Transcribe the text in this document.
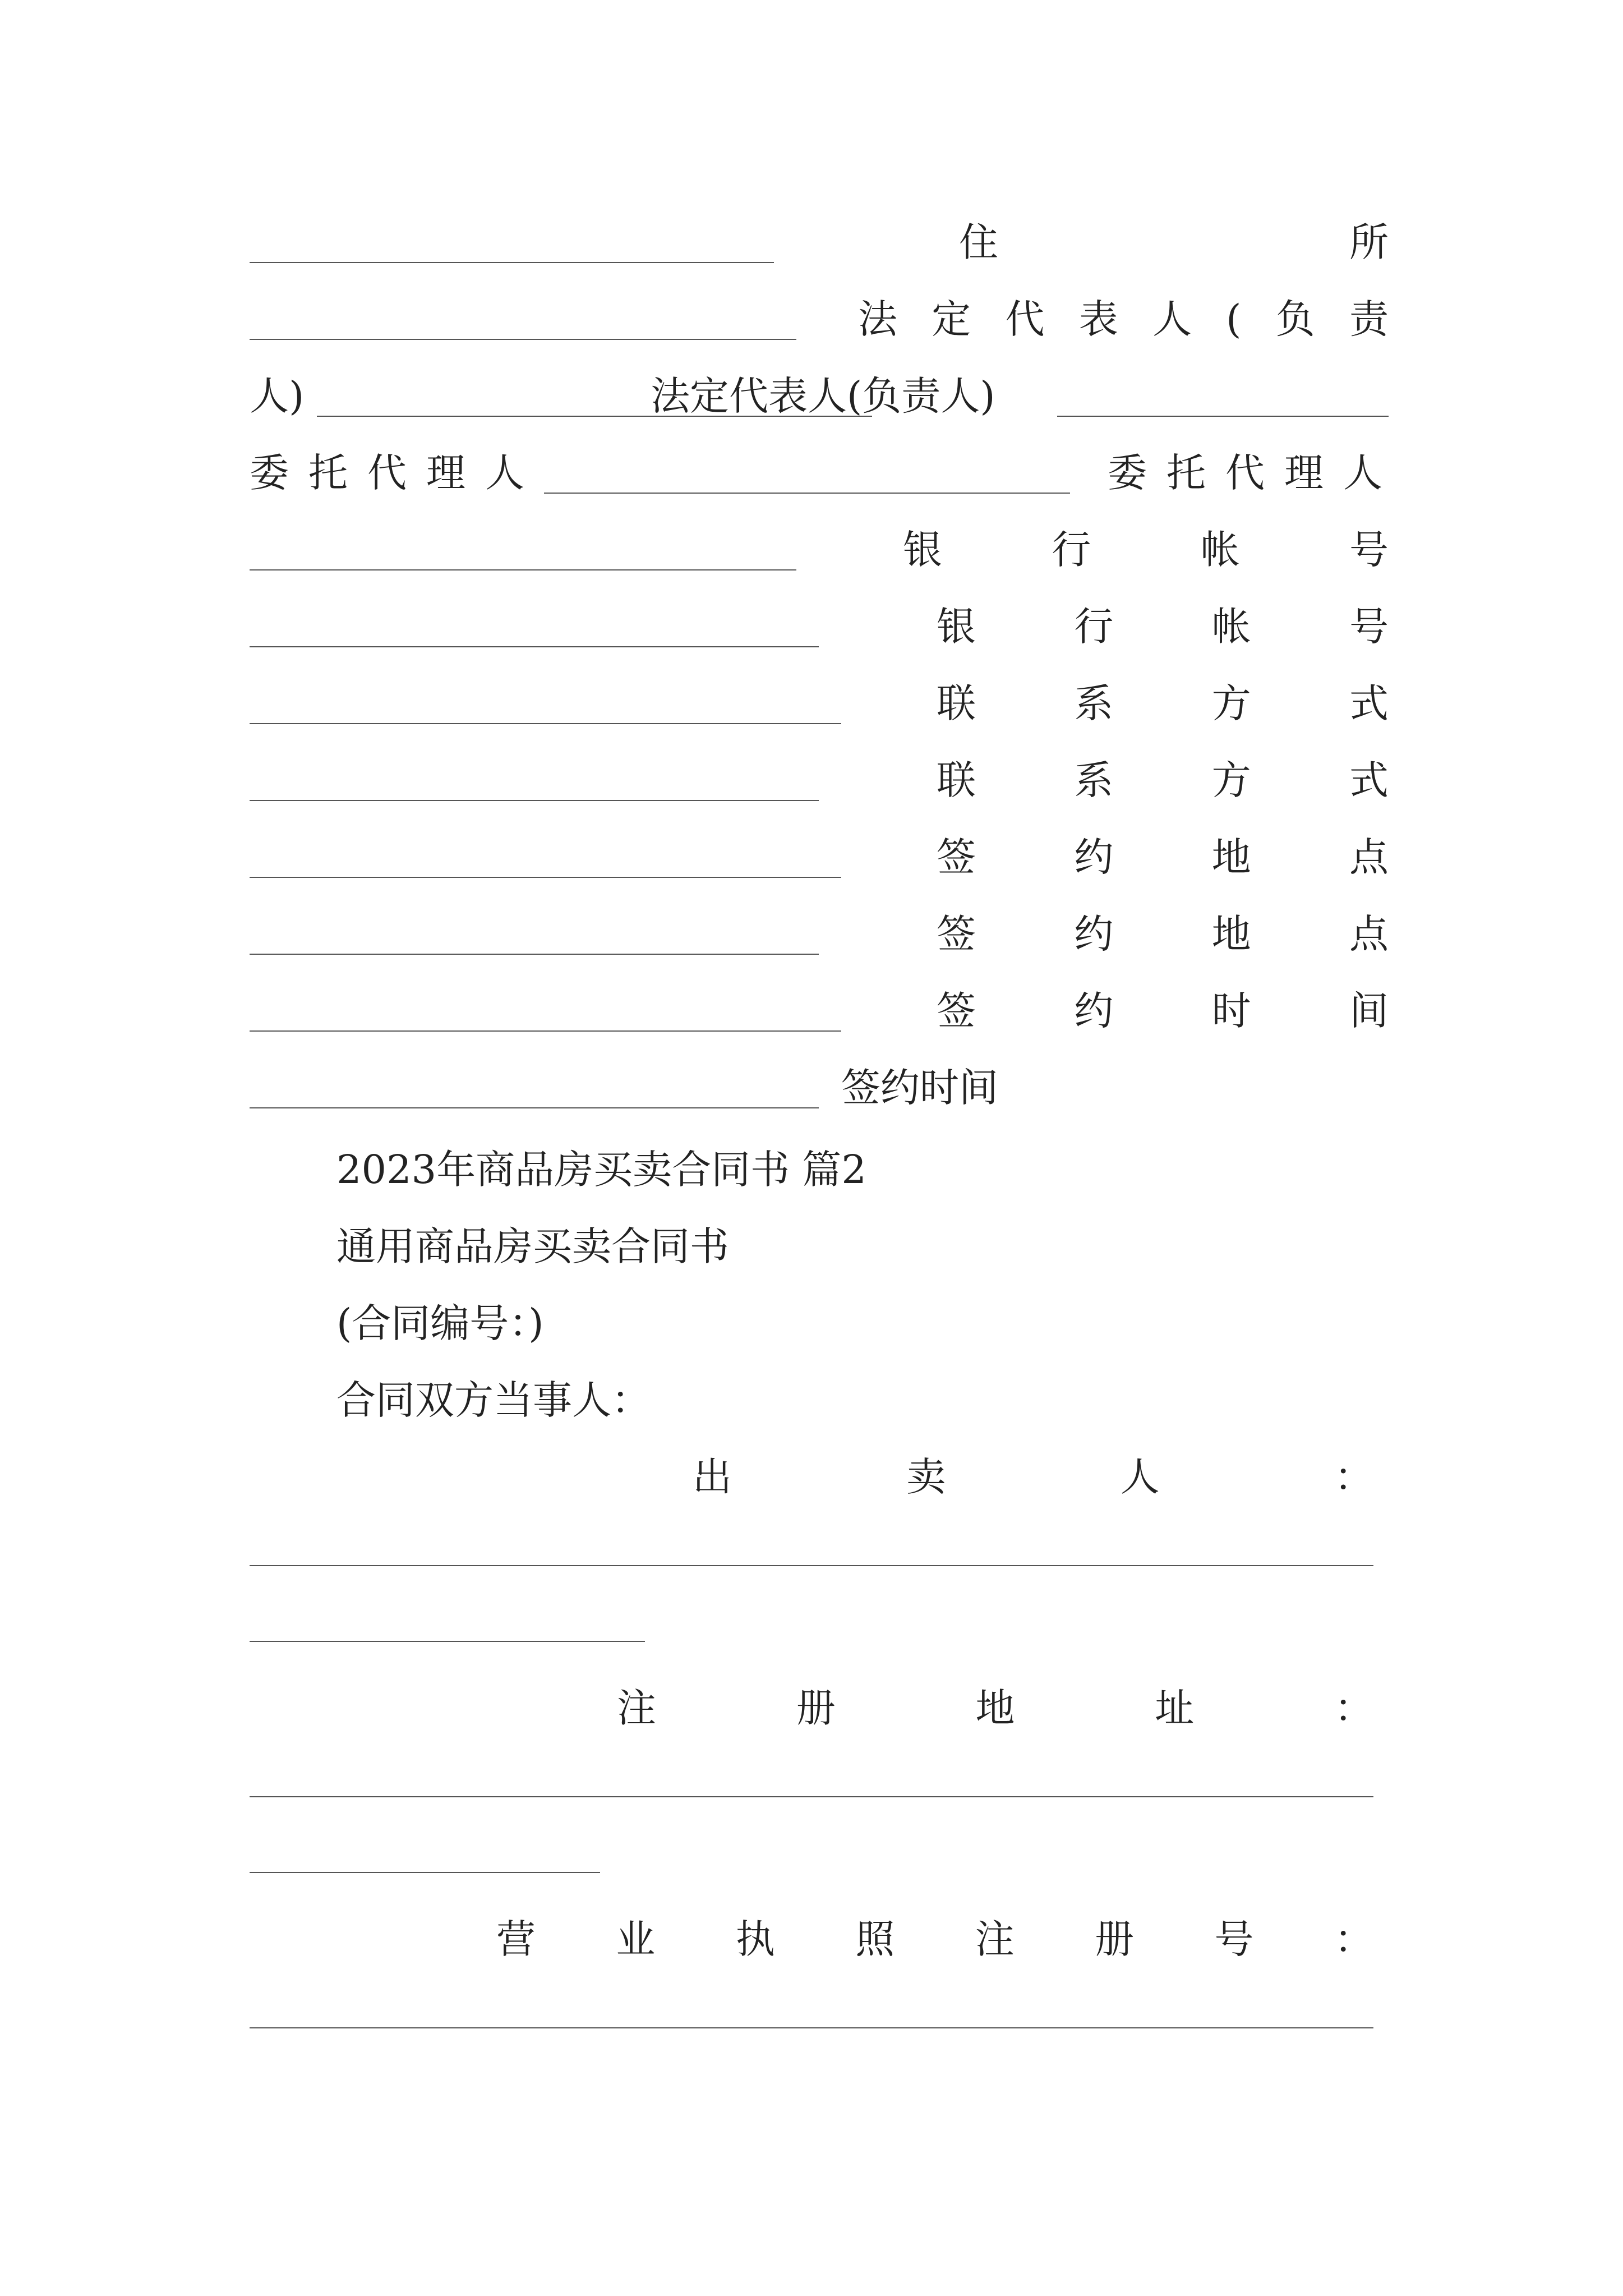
住	所
法 定 代 表 人 ( 负 责
人)	法定代表人(负责人)
委托代理人	委托代理人
银	行	帐	号
银	行	帐	号
联	系	方	式
联	系	方	式
签	约	地	点
签	约	地	点
签	约	时	间
签约时间
2023年商品房买卖合同书 篇2
通用商品房买卖合同书
(合同编号：)
合同双方当事人：
出	卖	人	：
注	册	地	址	：
营 业 执 照 注 册 号 ：
